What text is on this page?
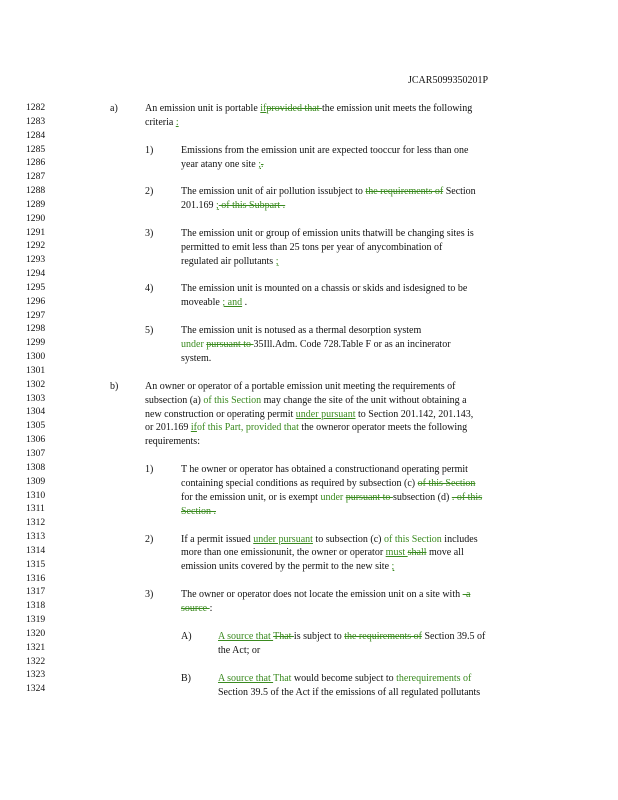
JCAR5099350201P
1282
1283
1284
1285
1286
1287
1288
1289
1290
1291
1292
1293
1294
1295
1296
1297
1298
1299
1300
1301
1302
1303
1304
1305
1306
1307
1308
1309
1310
1311
1312
1313
1314
1315
1316
1317
1318
1319
1320
1321
1322
1323
1324
a)	An emission unit is portable ifprovided that the emission unit meets the following
criteria :
1)	Emissions from the emission unit are expected tooccur for less than one
year atany one site ;.
2)	The emission unit of air pollution issubject to the requirements of Section
201.169 ; of this Subpart .
3)	The emission unit or group of emission units thatwill be changing sites is
permitted to emit less than 25 tons per year of anycombination of
regulated air pollutants ;
4)	The emission unit is mounted on a chassis or skids and isdesigned to be
moveable ; and .
5)	The emission unit is notused as a thermal desorption system
under pursuant to 35Ill.Adm. Code 728.Table F or as an incinerator
system.
b)	An owner or operator of a portable emission unit meeting the requirements of
subsection (a) of this Section may change the site of the unit without obtaining a
new construction or operating permit under pursuant to Section 201.142, 201.143,
or 201.169 ifof this Part, provided that the owneror operator meets the following
requirements:
1)	T he owner or operator has obtained a constructionand operating permit
containing special conditions as required by subsection (c) of this Section
for the emission unit, or is exempt under pursuant to subsection (d) . of this
Section .
2)	If a permit issued under pursuant to subsection (c) of this Section includes
more than one emissionunit, the owner or operator must shall move all
emission units covered by the permit to the new site ;
3)	The owner or operator does not locate the emission unit on a site with -a
source :
A)	A source that That is subject to the requirements of Section 39.5 of
the Act; or
B)	A source that That would become subject to therequirements of
Section 39.5 of the Act if the emissions of all regulated pollutants
